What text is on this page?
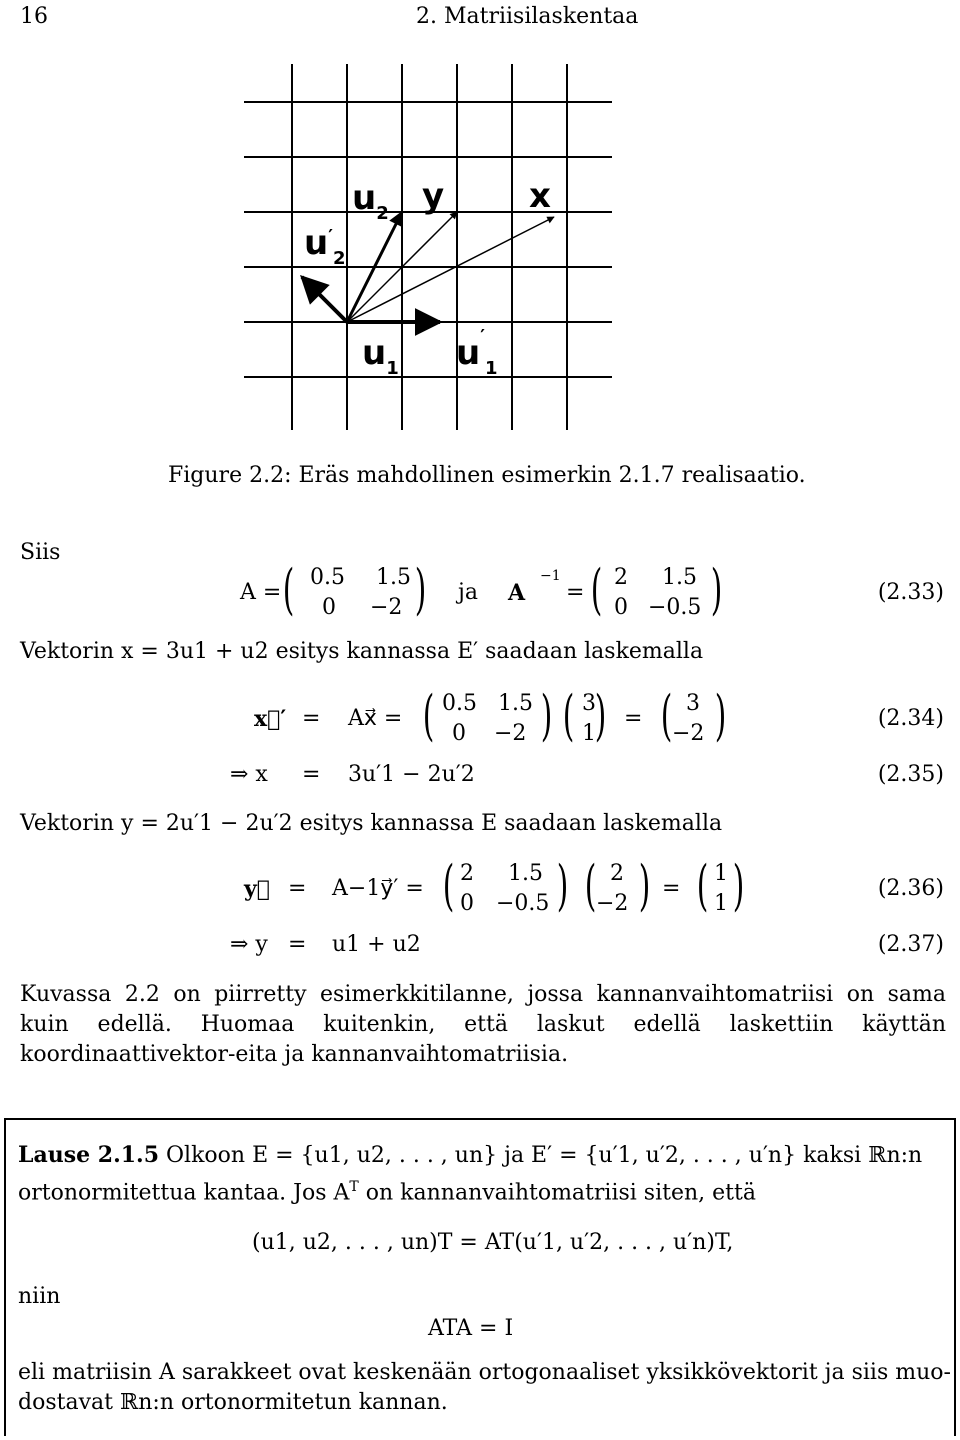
16	2. Matriisilaskentaa
$u'_2$
$u_2$ y x
$u_1$ $u'_1$
Figure 2.2: Eräs mahdollinen esimerkin 2.1.7 realisaatio.
Siis
A = ( 0.5 1.5
0 −2 ) ja A
−1
= ( 2 1.5
0 −0.5 )	(2.33)
Vektorin x = 3u1 + u2 esitys kannassa E′ saadaan laskemalla
x⃗′ = Ax⃗ = ( 0.5 1.5
0 −2 ) ( 3
1
) = ( 3
−2 )	(2.34)
⇒ x = 3u′1 − 2u′2	(2.35)
Vektorin y = 2u′1 − 2u′2 esitys kannassa E saadaan laskemalla
y⃗ = A−1y⃗′ = ( 2 1.5
0 −0.5 ) ( 2
−2 ) = ( 1
1 )	(2.36)
⇒ y = u1 + u2	(2.37)
Kuvassa 2.2 on piirretty esimerkkitilanne, jossa kannanvaihtomatriisi on sama kuin edellä. Huomaa kuitenkin, että laskut edellä laskettiin käyttän koordinaattivektor-eita ja kannanvaihtomatriisia.
Lause 2.1.5 Olkoon E = {u1, u2, . . . , un} ja E′ = {u′1, u′2, . . . , u′n} kaksi ℝn:n
ortonormitettua kantaa. Jos $A^T$ on kannanvaihtomatriisi siten, että
(u1, u2, . . . , un)T = AT(u′1, u′2, . . . , u′n)T,
niin
ATA = I
eli matriisin A sarakkeet ovat keskenään ortogonaaliset yksikkövektorit ja siis muo-
dostavat ℝn:n ortonormitetun kannan.
